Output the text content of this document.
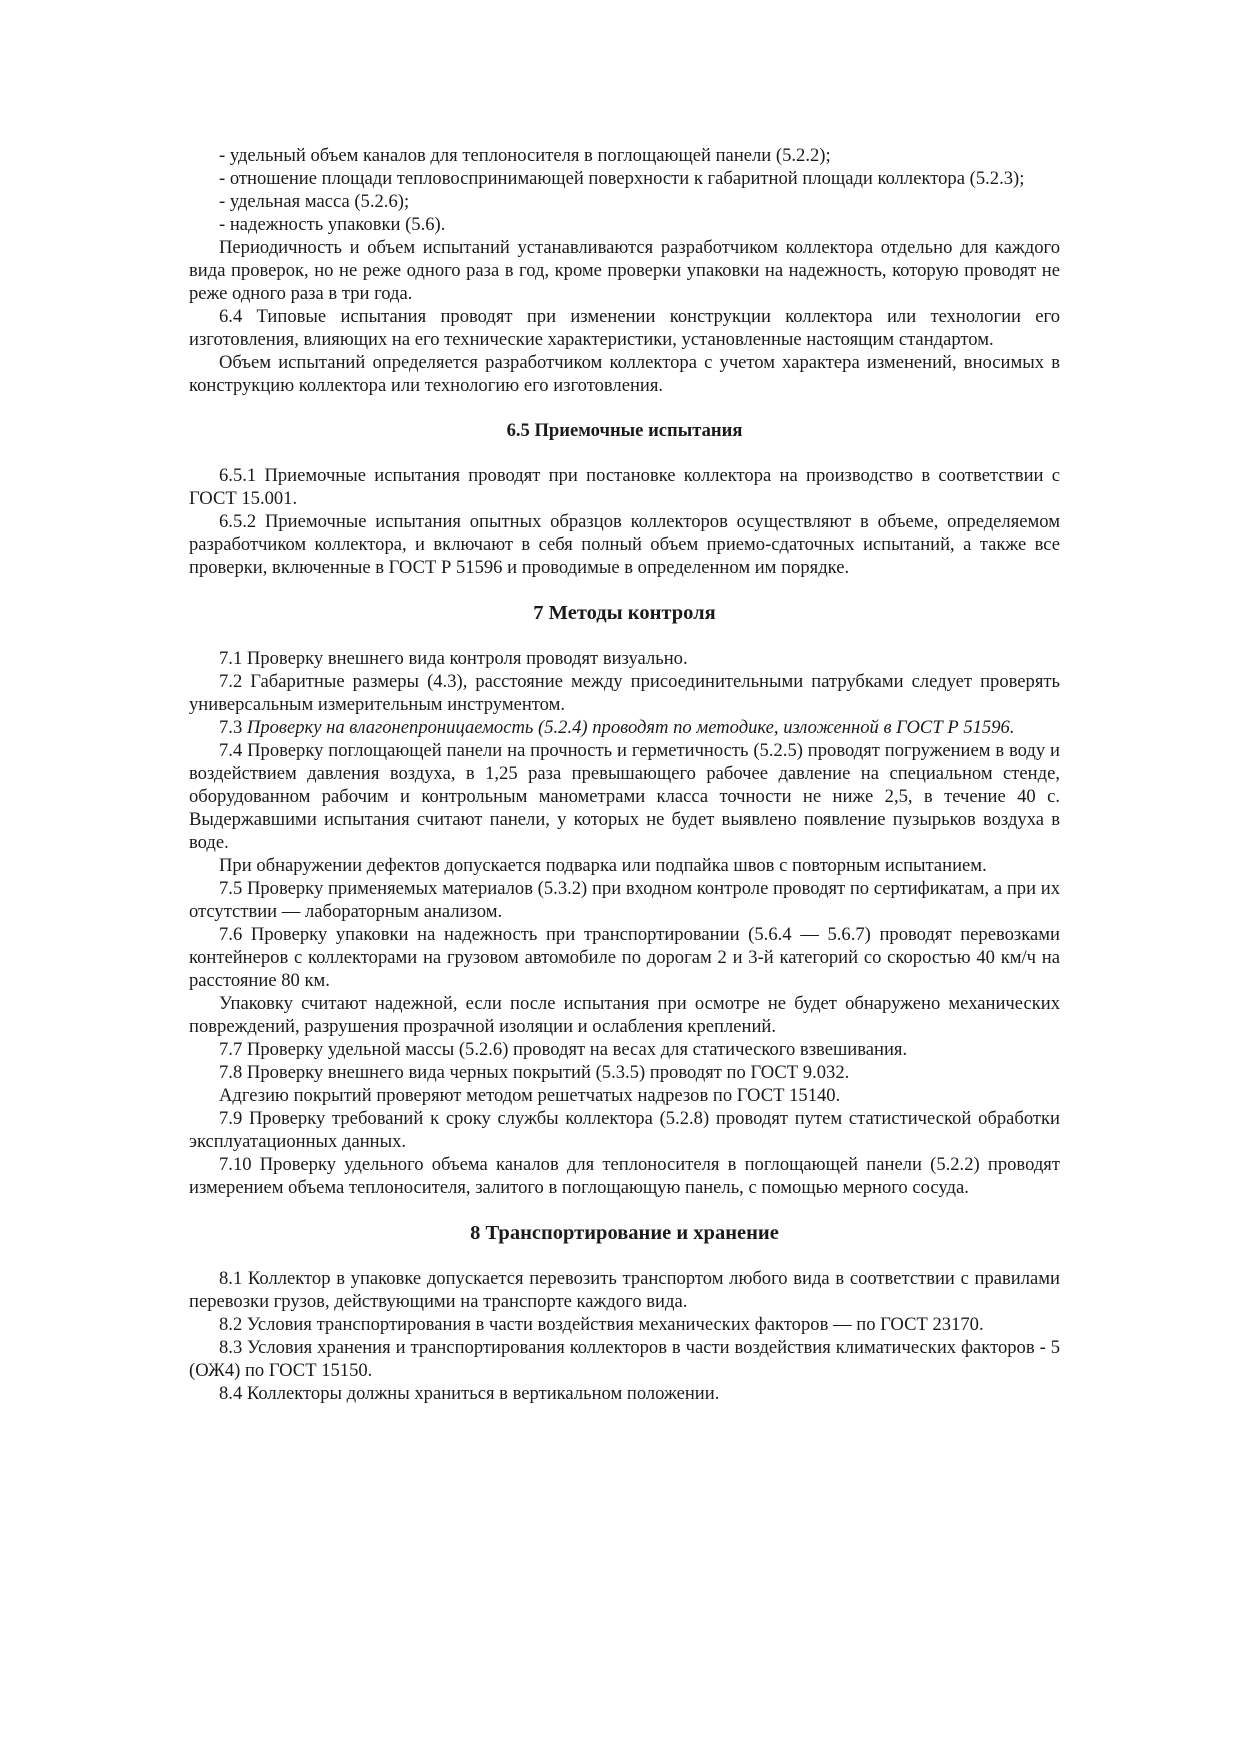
- удельный объем каналов для теплоносителя в поглощающей панели (5.2.2);

- отношение площади тепловоспринимающей поверхности к габаритной площади коллектора (5.2.3);

- удельная масса (5.2.6);

- надежность упаковки (5.6).

Периодичность и объем испытаний устанавливаются разработчиком коллектора отдельно для каждого вида проверок, но не реже одного раза в год, кроме проверки упаковки на надежность, которую проводят не реже одного раза в три года.

6.4 Типовые испытания проводят при изменении конструкции коллектора или технологии его изготовления, влияющих на его технические характеристики, установленные настоящим стандартом.

Объем испытаний определяется разработчиком коллектора с учетом характера изменений, вносимых в конструкцию коллектора или технологию его изготовления.

6.5 Приемочные испытания

6.5.1 Приемочные испытания проводят при постановке коллектора на производство в соответствии с ГОСТ 15.001.

6.5.2 Приемочные испытания опытных образцов коллекторов осуществляют в объеме, определяемом разработчиком коллектора, и включают в себя полный объем приемо-сдаточных испытаний, а также все проверки, включенные в ГОСТ Р 51596 и проводимые в определенном им порядке.

7 Методы контроля

7.1 Проверку внешнего вида контроля проводят визуально.

7.2 Габаритные размеры (4.3), расстояние между присоединительными патрубками следует проверять универсальным измерительным инструментом.

7.3 Проверку на влагонепроницаемость (5.2.4) проводят по методике, изложенной в ГОСТ Р 51596.

7.4 Проверку поглощающей панели на прочность и герметичность (5.2.5) проводят погружением в воду и воздействием давления воздуха, в 1,25 раза превышающего рабочее давление на специальном стенде, оборудованном рабочим и контрольным манометрами класса точности не ниже 2,5, в течение 40 с. Выдержавшими испытания считают панели, у которых не будет выявлено появление пузырьков воздуха в воде.

При обнаружении дефектов допускается подварка или подпайка швов с повторным испытанием.

7.5 Проверку применяемых материалов (5.3.2) при входном контроле проводят по сертификатам, а при их отсутствии — лабораторным анализом.

7.6 Проверку упаковки на надежность при транспортировании (5.6.4 — 5.6.7) проводят перевозками контейнеров с коллекторами на грузовом автомобиле по дорогам 2 и 3-й категорий со скоростью 40 км/ч на расстояние 80 км.

Упаковку считают надежной, если после испытания при осмотре не будет обнаружено механических повреждений, разрушения прозрачной изоляции и ослабления креплений.

7.7 Проверку удельной массы (5.2.6) проводят на весах для статического взвешивания.

7.8 Проверку внешнего вида черных покрытий (5.3.5) проводят по ГОСТ 9.032.

Адгезию покрытий проверяют методом решетчатых надрезов по ГОСТ 15140.

7.9 Проверку требований к сроку службы коллектора (5.2.8) проводят путем статистической обработки эксплуатационных данных.

7.10 Проверку удельного объема каналов для теплоносителя в поглощающей панели (5.2.2) проводят измерением объема теплоносителя, залитого в поглощающую панель, с помощью мерного сосуда.

8 Транспортирование и хранение

8.1 Коллектор в упаковке допускается перевозить транспортом любого вида в соответствии с правилами перевозки грузов, действующими на транспорте каждого вида.

8.2 Условия транспортирования в части воздействия механических факторов — по ГОСТ 23170.

8.3 Условия хранения и транспортирования коллекторов в части воздействия климатических факторов - 5 (ОЖ4) по ГОСТ 15150.

8.4 Коллекторы должны храниться в вертикальном положении.
